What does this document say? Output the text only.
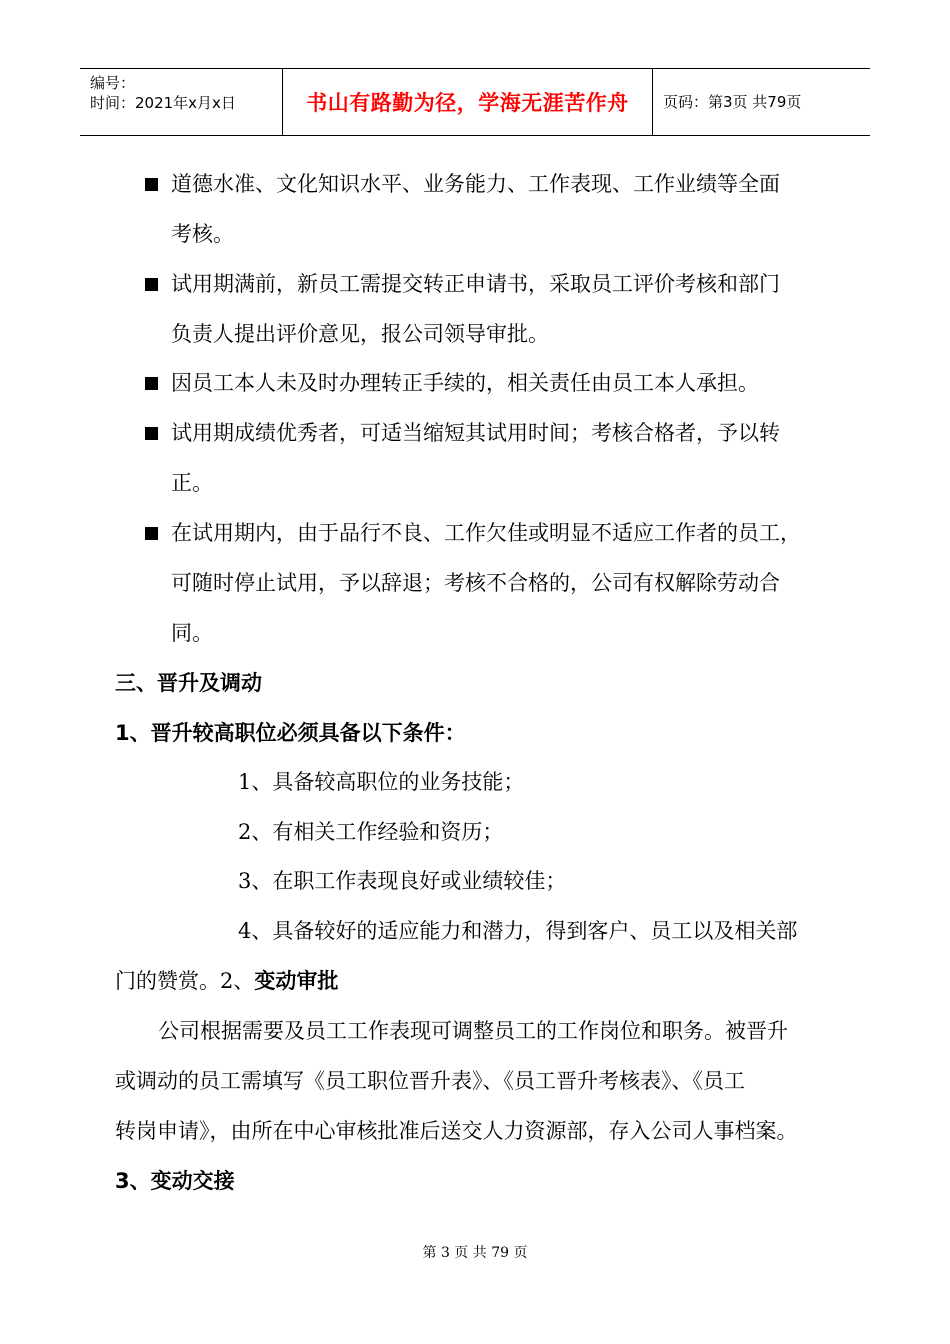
编号：
时间：2021年x月x日	书山有路勤为径，学海无涯苦作舟 页码：第3页 共79页
道德水准、文化知识水平、业务能力、工作表现、工作业绩等全面
考核。
试用期满前，新员工需提交转正申请书，采取员工评价考核和部门
负责人提出评价意见，报公司领导审批。
因员工本人未及时办理转正手续的，相关责任由员工本人承担。
试用期成绩优秀者，可适当缩短其试用时间；考核合格者，予以转
正。
在试用期内，由于品行不良、工作欠佳或明显不适应工作者的员工，
可随时停止试用，予以辞退；考核不合格的，公司有权解除劳动合
同。
三、晋升及调动
1、晋升较高职位必须具备以下条件：
1、具备较高职位的业务技能；
2、有相关工作经验和资历；
3、在职工作表现良好或业绩较佳；
4、具备较好的适应能力和潜力，得到客户、员工以及相关部
门的赞赏。2、变动审批
公司根据需要及员工工作表现可调整员工的工作岗位和职务。被晋升
或调动的员工需填写《员工职位晋升表》、《员工晋升考核表》、《员工
转岗申请》，由所在中心审核批准后送交人力资源部，存入公司人事档案。
3、变动交接
第 3 页 共 79 页
